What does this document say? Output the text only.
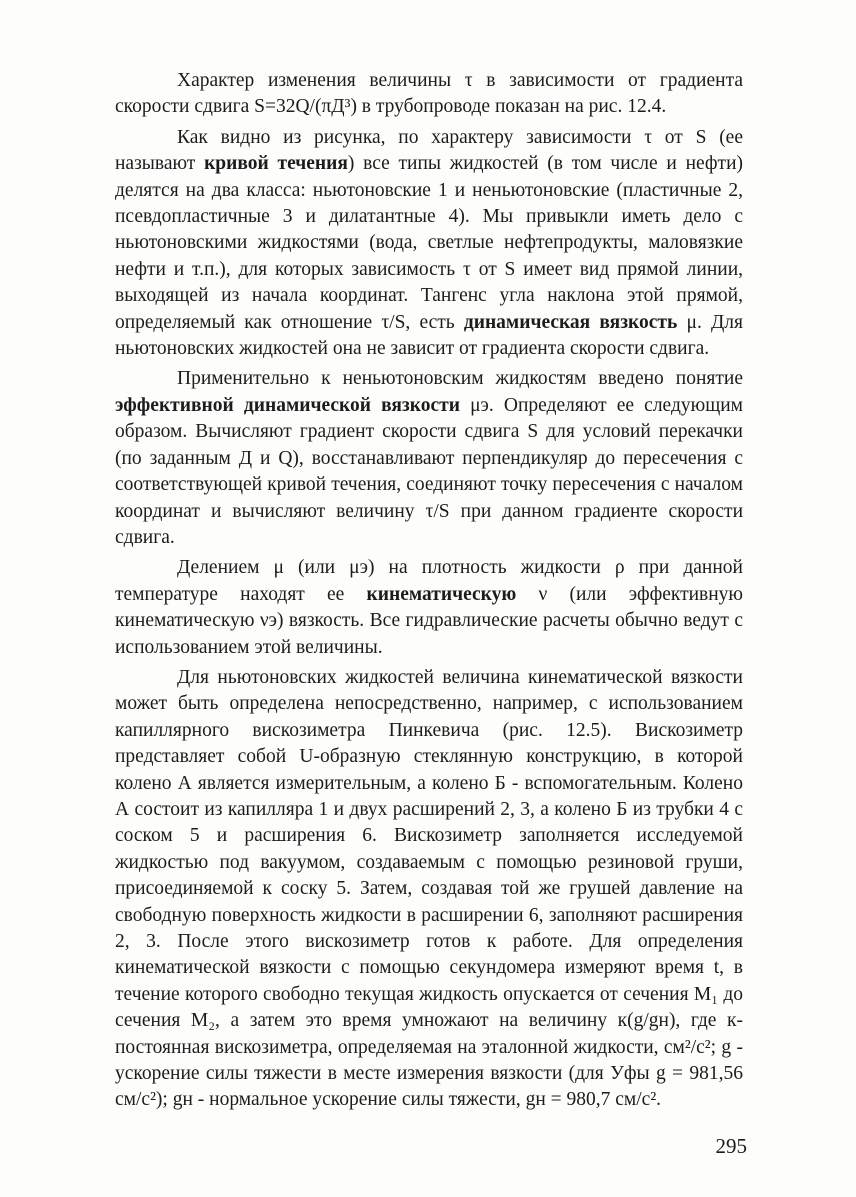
Характер изменения величины τ в зависимости от градиента скорости сдвига S=32Q/(πД³) в трубопроводе показан на рис. 12.4.

Как видно из рисунка, по характеру зависимости τ от S (ее называют кривой течения) все типы жидкостей (в том числе и нефти) делятся на два класса: ньютоновские 1 и неньютоновские (пластичные 2, псевдопластичные 3 и дилатантные 4). Мы привыкли иметь дело с ньютоновскими жидкостями (вода, светлые нефтепродукты, маловязкие нефти и т.п.), для которых зависимость τ от S имеет вид прямой линии, выходящей из начала координат. Тангенс угла наклона этой прямой, определяемый как отношение τ/S, есть динамическая вязкость μ. Для ньютоновских жидкостей она не зависит от градиента скорости сдвига.

Применительно к неньютоновским жидкостям введено понятие эффективной динамической вязкости μэ. Определяют ее следующим образом. Вычисляют градиент скорости сдвига S для условий перекачки (по заданным Д и Q), восстанавливают перпендикуляр до пересечения с соответствующей кривой течения, соединяют точку пересечения с началом координат и вычисляют величину τ/S при данном градиенте скорости сдвига.

Делением μ (или μэ) на плотность жидкости ρ при данной температуре находят ее кинематическую ν (или эффективную кинематическую νэ) вязкость. Все гидравлические расчеты обычно ведут с использованием этой величины.

Для ньютоновских жидкостей величина кинематической вязкости может быть определена непосредственно, например, с использованием капиллярного вискозиметра Пинкевича (рис. 12.5). Вискозиметр представляет собой U-образную стеклянную конструкцию, в которой колено А является измерительным, а колено Б - вспомогательным. Колено А состоит из капилляра 1 и двух расширений 2, 3, а колено Б из трубки 4 с соском 5 и расширения 6. Вискозиметр заполняется исследуемой жидкостью под вакуумом, создаваемым с помощью резиновой груши, присоединяемой к соску 5. Затем, создавая той же грушей давление на свободную поверхность жидкости в расширении 6, заполняют расширения 2, 3. После этого вискозиметр готов к работе. Для определения кинематической вязкости с помощью секундомера измеряют время t, в течение которого свободно текущая жидкость опускается от сечения М₁ до сечения М₂, а затем это время умножают на величину к(g/gн), где к-постоянная вискозиметра, определяемая на эталонной жидкости, см²/с²; g - ускорение силы тяжести в месте измерения вязкости (для Уфы g = 981,56 см/с²); gн - нормальное ускорение силы тяжести, gн = 980,7 см/с².

295
